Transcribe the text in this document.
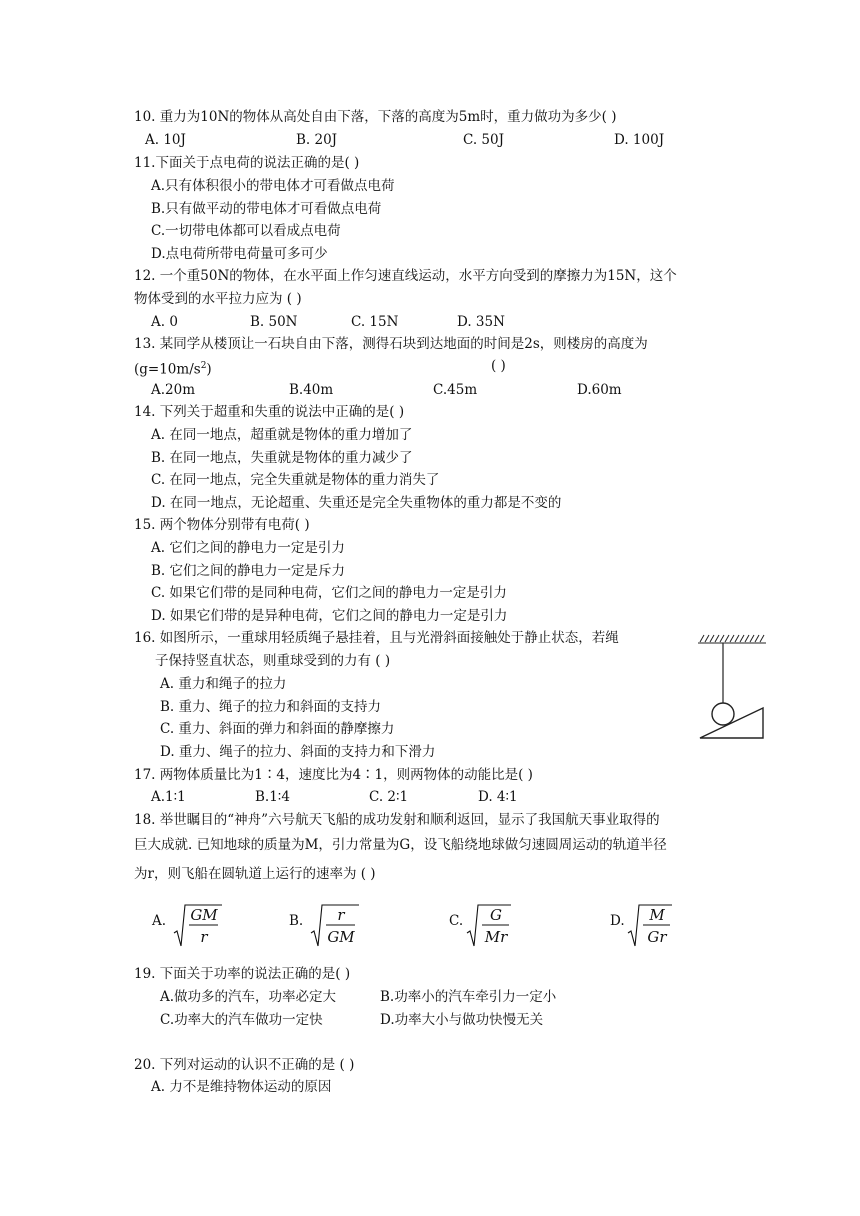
10. 重力为10N的物体从高处自由下落，下落的高度为5m时，重力做功为多少( )
A. 10J	B. 20J	C. 50J	D. 100J
11.下面关于点电荷的说法正确的是( )
A.只有体积很小的带电体才可看做点电荷
B.只有做平动的带电体才可看做点电荷
C.一切带电体都可以看成点电荷
D.点电荷所带电荷量可多可少
12. 一个重50N的物体，在水平面上作匀速直线运动，水平方向受到的摩擦力为15N，这个
物体受到的水平拉力应为 ( )
A. 0	B. 50N	C. 15N	D. 35N
13. 某同学从楼顶让一石块自由下落，测得石块到达地面的时间是2s，则楼房的高度为
$(g=10m/s^2)$	( )
A.20m	B.40m	C.45m	D.60m
14. 下列关于超重和失重的说法中正确的是( )
A. 在同一地点，超重就是物体的重力增加了
B. 在同一地点，失重就是物体的重力减少了
C. 在同一地点，完全失重就是物体的重力消失了
D. 在同一地点，无论超重、失重还是完全失重物体的重力都是不变的
15. 两个物体分别带有电荷( )
A. 它们之间的静电力一定是引力
B. 它们之间的静电力一定是斥力
C. 如果它们带的是同种电荷，它们之间的静电力一定是引力
D. 如果它们带的是异种电荷，它们之间的静电力一定是引力
16. 如图所示，一重球用轻质绳子悬挂着，且与光滑斜面接触处于静止状态，若绳
子保持竖直状态，则重球受到的力有 ( )
A. 重力和绳子的拉力
B. 重力、绳子的拉力和斜面的支持力
C. 重力、斜面的弹力和斜面的静摩擦力
D. 重力、绳子的拉力、斜面的支持力和下滑力
17. 两物体质量比为1∶4，速度比为4∶1，则两物体的动能比是( )
A.1∶1	B.1∶4	C. 2∶1	D. 4∶1
18. 举世瞩目的“神舟”六号航天飞船的成功发射和顺利返回，显示了我国航天事业取得的
巨大成就. 已知地球的质量为M，引力常量为G，设飞船绕地球做匀速圆周运动的轨道半径
为r，则飞船在圆轨道上运行的速率为 ( )
A. GM
r
B.	r
GM
C.	G
Mr
D.	M
Gr
19. 下面关于功率的说法正确的是( )
A.做功多的汽车，功率必定大	B.功率小的汽车牵引力一定小
C.功率大的汽车做功一定快	D.功率大小与做功快慢无关
20. 下列对运动的认识不正确的是 ( )
A. 力不是维持物体运动的原因
